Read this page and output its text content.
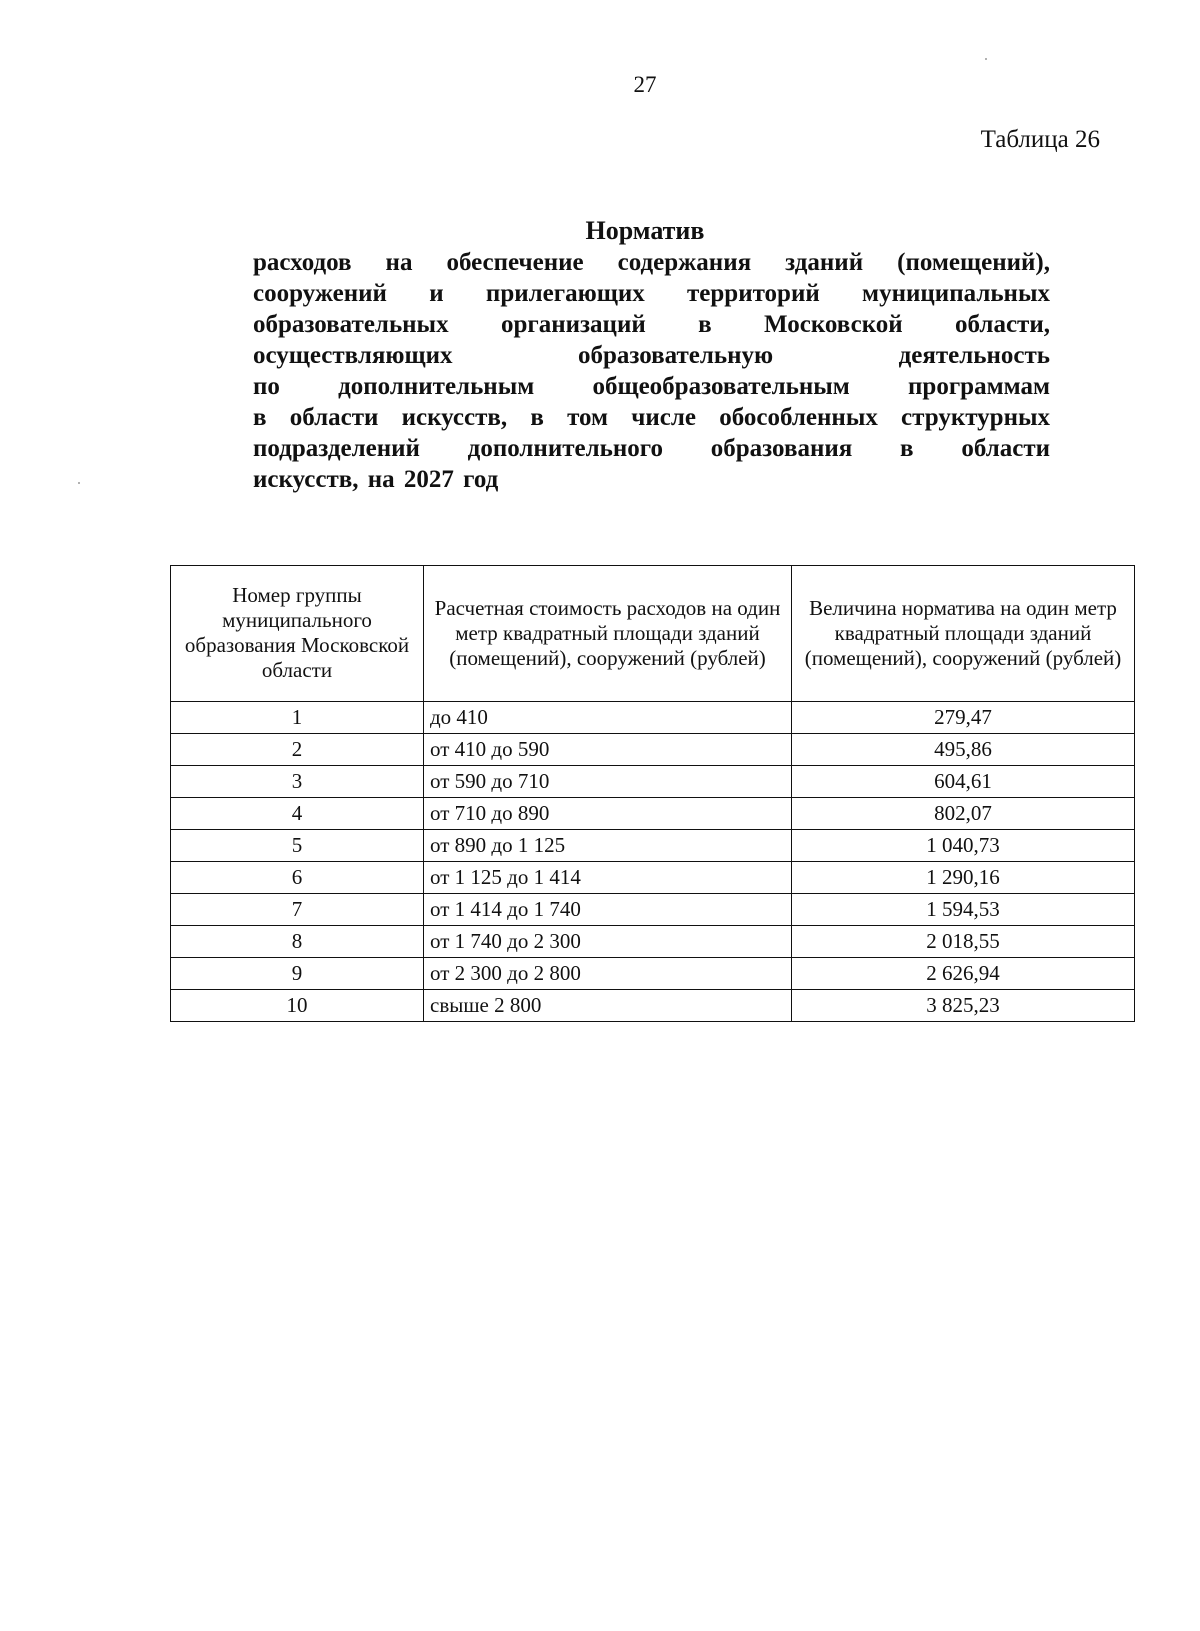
27
Таблица 26
Норматив
расходов на обеспечение содержания зданий (помещений),
сооружений и прилегающих территорий муниципальных
образовательных организаций в Московской области,
осуществляющих образовательную деятельность
по дополнительным общеобразовательным программам
в области искусств, в том числе обособленных структурных
подразделений дополнительного образования в области
искусств, на 2027 год
Номер группы муниципального образования Московской области	Расчетная стоимость расходов на один метр квадратный площади зданий (помещений), сооружений (рублей)	Величина норматива на один метр квадратный площади зданий (помещений), сооружений (рублей)
1	до 410	279,47
2	от 410 до 590	495,86
3	от 590 до 710	604,61
4	от 710 до 890	802,07
5	от 890 до 1 125	1 040,73
6	от 1 125 до 1 414	1 290,16
7	от 1 414 до 1 740	1 594,53
8	от 1 740 до 2 300	2 018,55
9	от 2 300 до 2 800	2 626,94
10	свыше 2 800	3 825,23
